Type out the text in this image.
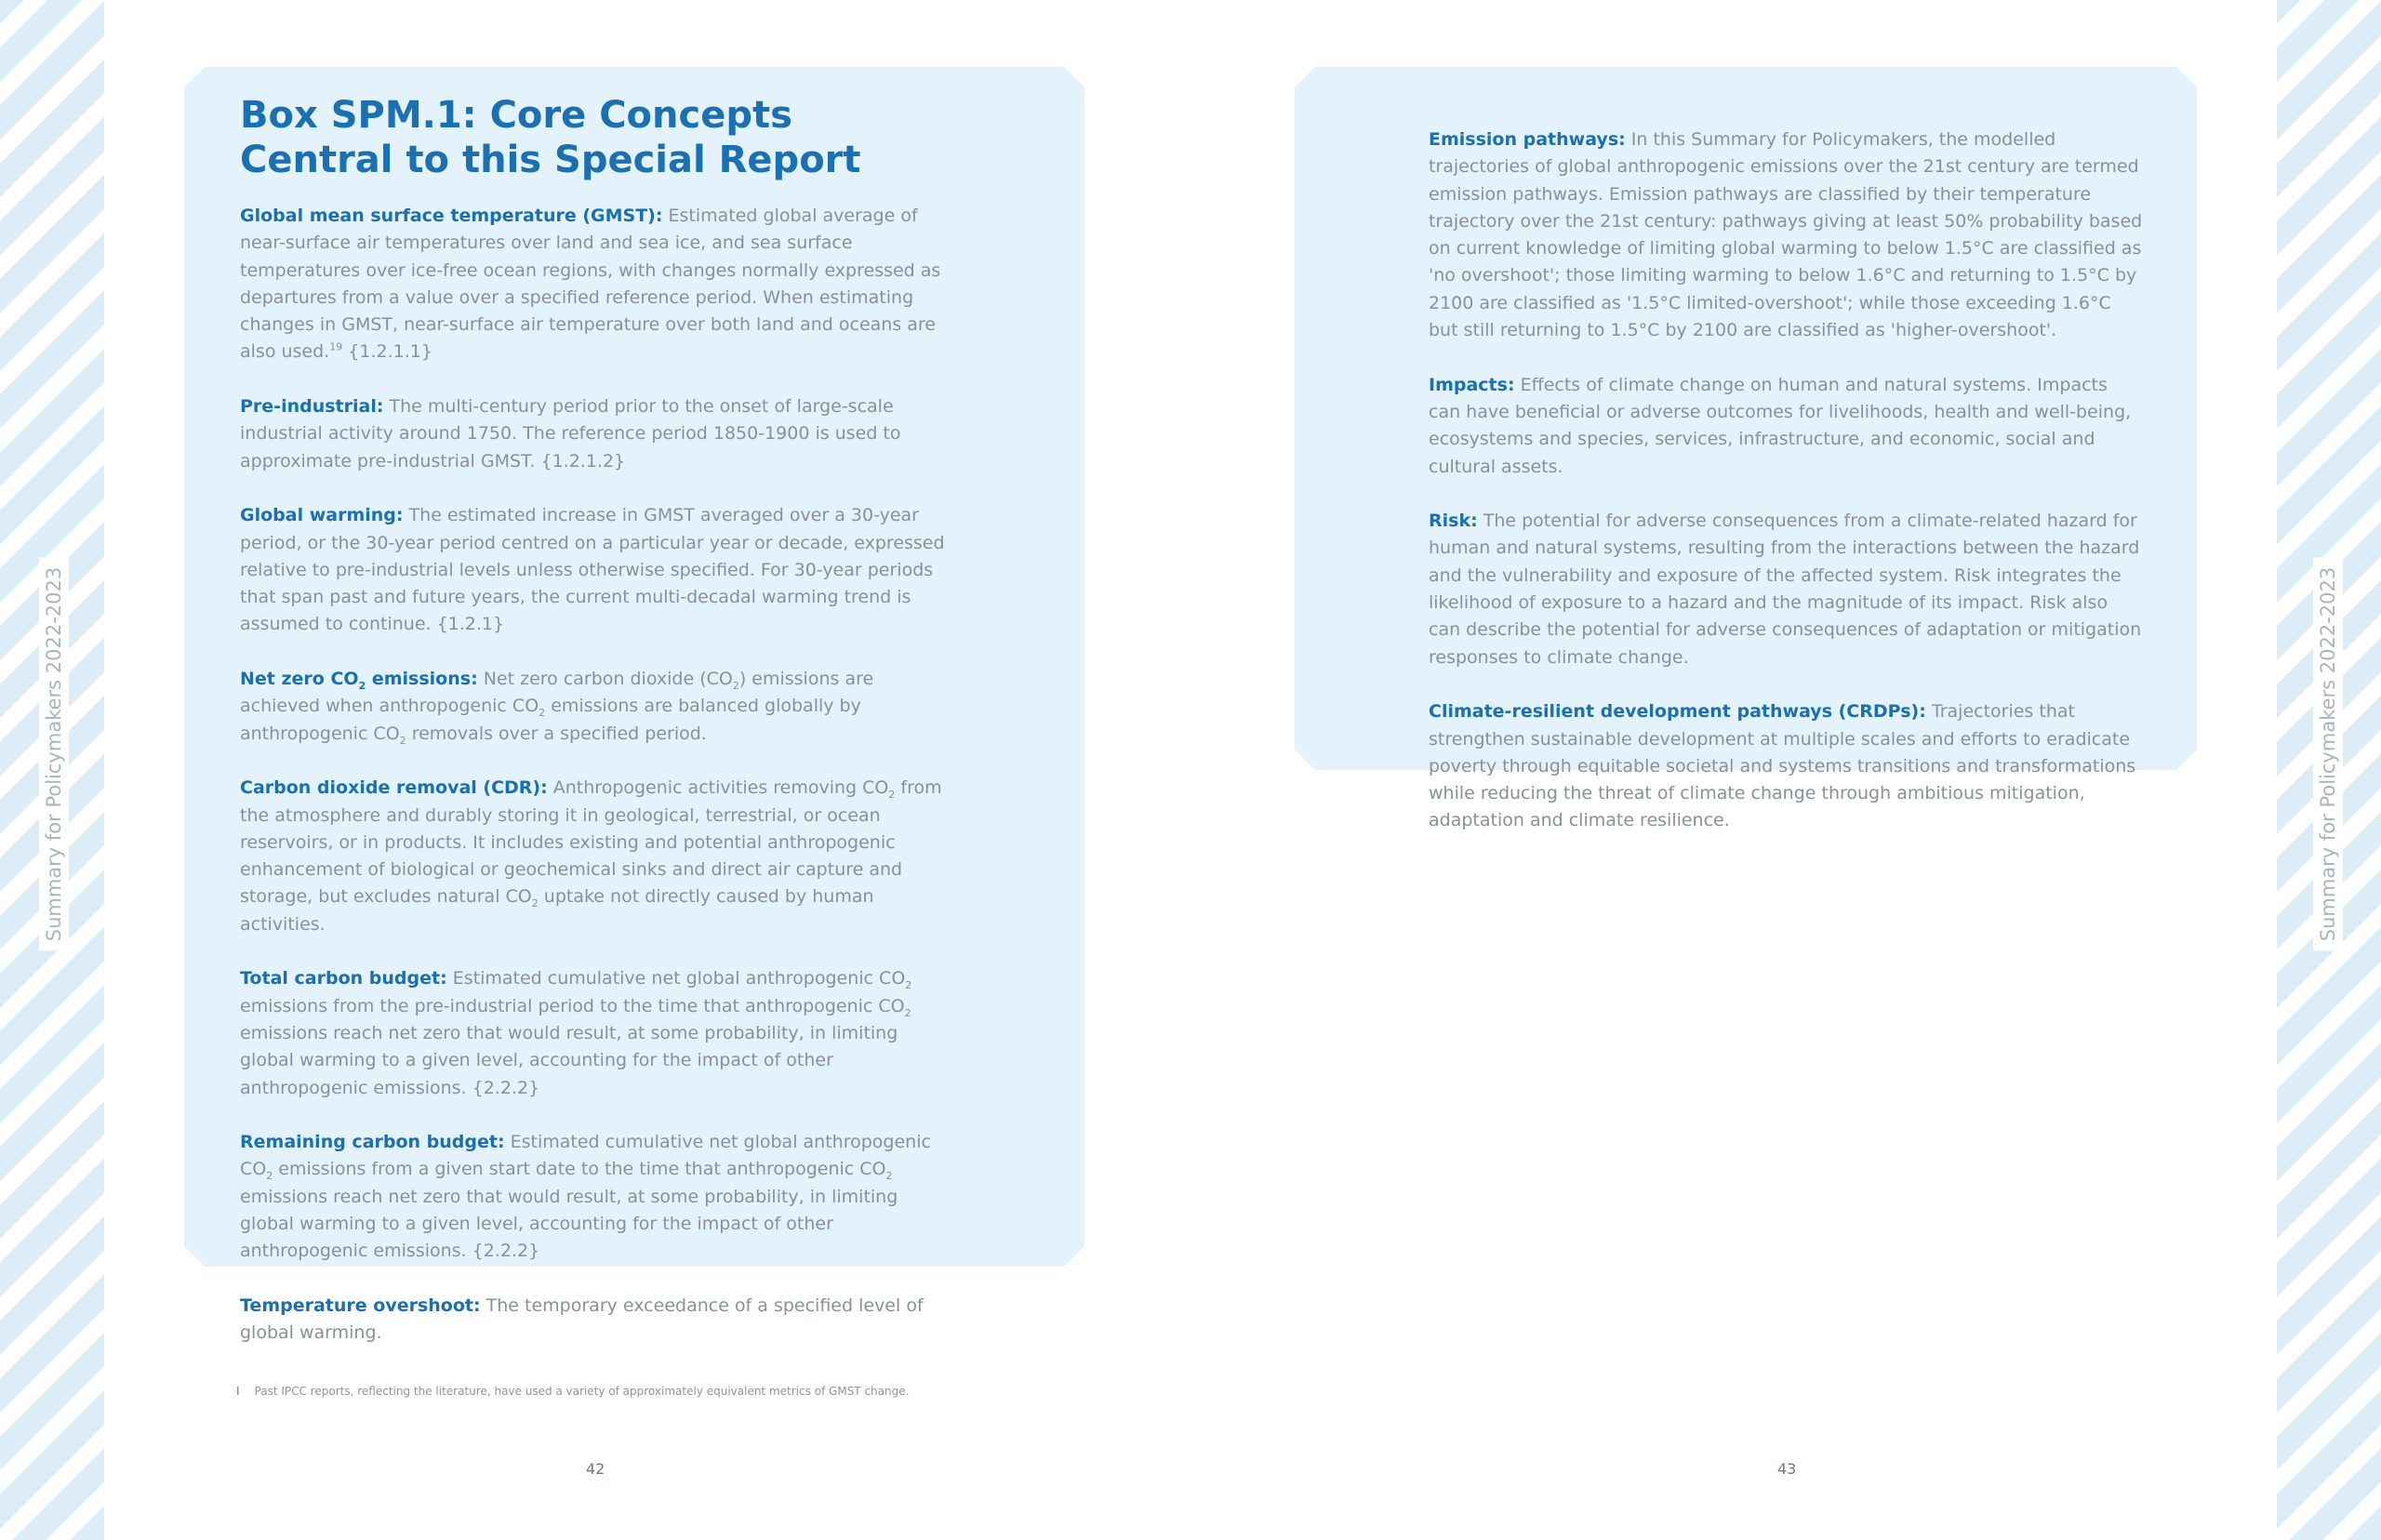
Summary for Policymakers 2022-2023	Summary for Policymakers 2022-2023
Box SPM.1: Core Concepts Central to this Special Report

Global mean surface temperature (GMST): Estimated global average of near-surface air temperatures over land and sea ice, and sea surface temperatures over ice-free ocean regions, with changes normally expressed as departures from a value over a specified reference period. When estimating changes in GMST, near-surface air temperature over both land and oceans are also used.$^{19}$ {1.2.1.1}

Pre-industrial: The multi-century period prior to the onset of large-scale industrial activity around 1750. The reference period 1850-1900 is used to approximate pre-industrial GMST. {1.2.1.2}

Global warming: The estimated increase in GMST averaged over a 30-year period, or the 30-year period centred on a particular year or decade, expressed relative to pre-industrial levels unless otherwise specified. For 30-year periods that span past and future years, the current multi-decadal warming trend is assumed to continue. {1.2.1}

Net zero $CO_2$ emissions: Net zero carbon dioxide $(CO_2)$ emissions are achieved when anthropogenic $CO_2$ emissions are balanced globally by anthropogenic $CO_2$ removals over a specified period.

Carbon dioxide removal (CDR): Anthropogenic activities removing $CO_2$ from the atmosphere and durably storing it in geological, terrestrial, or ocean reservoirs, or in products. It includes existing and potential anthropogenic enhancement of biological or geochemical sinks and direct air capture and storage, but excludes natural $CO_2$ uptake not directly caused by human activities.

Total carbon budget: Estimated cumulative net global anthropogenic $CO_2$ emissions from the pre-industrial period to the time that anthropogenic $CO_2$ emissions reach net zero that would result, at some probability, in limiting global warming to a given level, accounting for the impact of other anthropogenic emissions. {2.2.2}

Remaining carbon budget: Estimated cumulative net global anthropogenic $CO_2$ emissions from a given start date to the time that anthropogenic $CO_2$ emissions reach net zero that would result, at some probability, in limiting global warming to a given level, accounting for the impact of other anthropogenic emissions. {2.2.2}

Temperature overshoot: The temporary exceedance of a specified level of global warming.

Emission pathways: In this Summary for Policymakers, the modelled trajectories of global anthropogenic emissions over the 21st century are termed emission pathways. Emission pathways are classified by their temperature trajectory over the 21st century: pathways giving at least 50% probability based on current knowledge of limiting global warming to below 1.5°C are classified as 'no overshoot'; those limiting warming to below 1.6°C and returning to 1.5°C by 2100 are classified as '1.5°C limited-overshoot'; while those exceeding 1.6°C but still returning to 1.5°C by 2100 are classified as 'higher-overshoot'.

Impacts: Effects of climate change on human and natural systems. Impacts can have beneficial or adverse outcomes for livelihoods, health and well-being, ecosystems and species, services, infrastructure, and economic, social and cultural assets.

Risk: The potential for adverse consequences from a climate-related hazard for human and natural systems, resulting from the interactions between the hazard and the vulnerability and exposure of the affected system. Risk integrates the likelihood of exposure to a hazard and the magnitude of its impact. Risk also can describe the potential for adverse consequences of adaptation or mitigation responses to climate change.

Climate-resilient development pathways (CRDPs): Trajectories that strengthen sustainable development at multiple scales and efforts to eradicate poverty through equitable societal and systems transitions and transformations while reducing the threat of climate change through ambitious mitigation, adaptation and climate resilience.

I Past IPCC reports, reflecting the literature, have used a variety of approximately equivalent metrics of GMST change.
42	43
